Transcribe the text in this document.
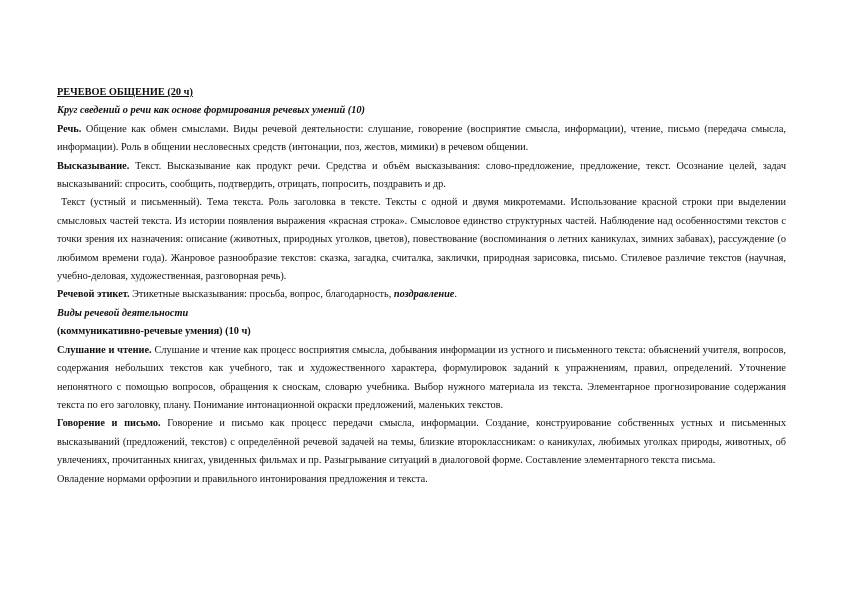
РЕЧЕВОЕ ОБЩЕНИЕ (20 ч)

Круг сведений о речи как основе формирования речевых умений (10)

Речь. Общение как обмен смыслами. Виды речевой деятельности: слушание, говорение (восприятие смысла, информации), чтение, письмо (передача смысла, информации). Роль в общении несловесных средств (интонации, поз, жестов, мимики) в речевом общении.

Высказывание. Текст. Высказывание как продукт речи. Средства и объём высказывания: слово-предложение, предложение, текст. Осознание целей, задач высказываний: спросить, сообщить, подтвердить, отрицать, попросить, поздравить и др.

Текст (устный и письменный). Тема текста. Роль заголовка в тексте. Тексты с одной и двумя микротемами. Использование красной строки при выделении смысловых частей текста. Из истории появления выражения «красная строка». Смысловое единство структурных частей. Наблюдение над особенностями текстов с точки зрения их назначения: описание (животных, природных уголков, цветов), повествование (воспоминания о летних каникулах, зимних забавах), рассуждение (о любимом времени года). Жанровое разнообразие текстов: сказка, загадка, считалка, заклички, природная зарисовка, письмо. Стилевое различие текстов (научная, учебно-деловая, художественная, разговорная речь).

Речевой этикет. Этикетные высказывания: просьба, вопрос, благодарность, поздравление.

Виды речевой деятельности

(коммуникативно-речевые умения) (10 ч)

Слушание и чтение. Слушание и чтение как процесс восприятия смысла, добывания информации из устного и письменного текста: объяснений учителя, вопросов, содержания небольших текстов как учебного, так и художественного характера, формулировок заданий к упражнениям, правил, определений. Уточнение непонятного с помощью вопросов, обращения к сноскам, словарю учебника. Выбор нужного материала из текста. Элементарное прогнозирование содержания текста по его заголовку, плану. Понимание интонационной окраски предложений, маленьких текстов.

Говорение и письмо. Говорение и письмо как процесс передачи смысла, информации. Создание, конструирование собственных устных и письменных высказываний (предложений, текстов) с определённой речевой задачей на темы, близкие второклассникам: о каникулах, любимых уголках природы, животных, об увлечениях, прочитанных книгах, увиденных фильмах и пр. Разыгрывание ситуаций в диалоговой форме. Составление элементарного текста письма.

Овладение нормами орфоэпии и правильного интонирования предложения и текста.
